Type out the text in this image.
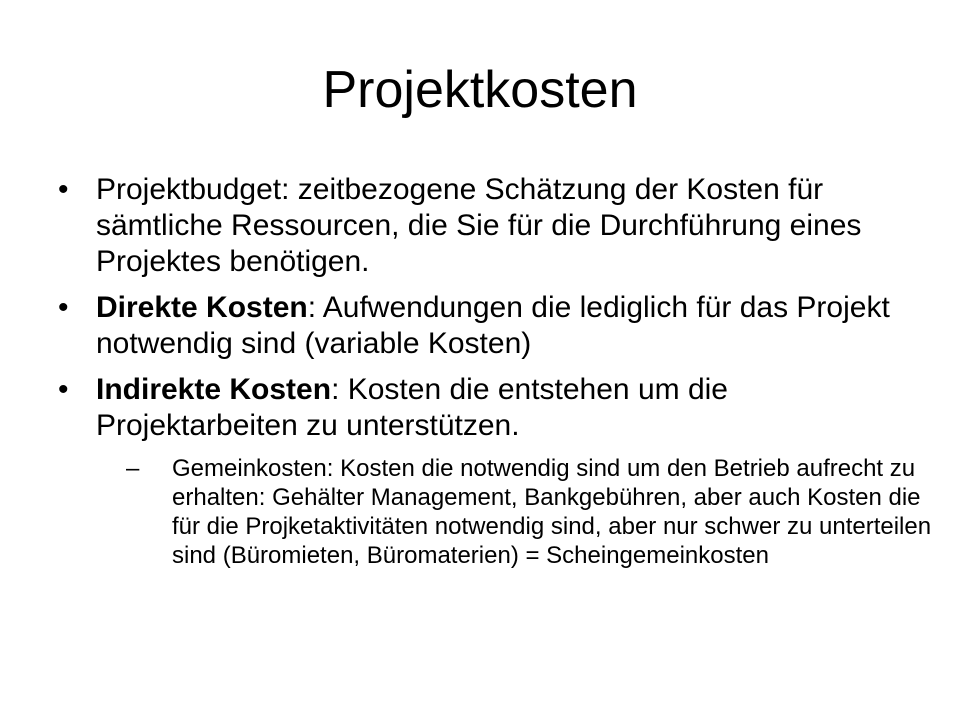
Projektkosten
• Projektbudget: zeitbezogene Schätzung der Kosten für sämtliche Ressourcen, die Sie für die Durchführung eines Projektes benötigen.
• Direkte Kosten: Aufwendungen die lediglich für das Projekt notwendig sind (variable Kosten)
• Indirekte Kosten: Kosten die entstehen um die Projektarbeiten zu unterstützen.
– Gemeinkosten: Kosten die notwendig sind um den Betrieb aufrecht zu erhalten: Gehälter Management, Bankgebühren, aber auch Kosten die für die Projketaktivitäten notwendig sind, aber nur schwer zu unterteilen sind (Büromieten, Büromaterien) = Scheingemeinkosten
